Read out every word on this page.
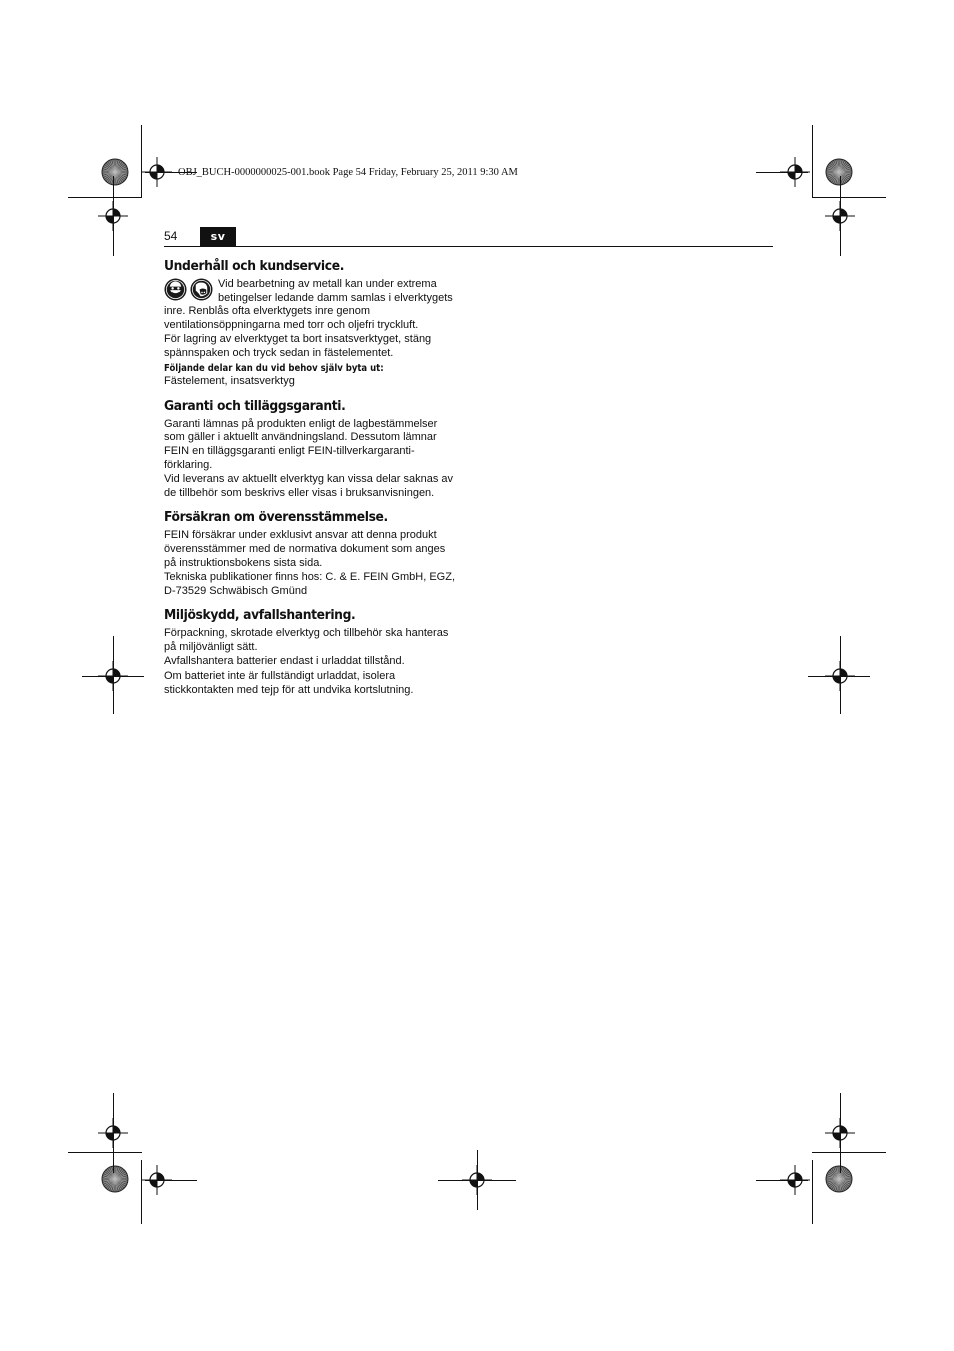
OBJ_BUCH-0000000025-001.book Page 54 Friday, February 25, 2011 9:30 AM
54	sv
Underhåll och kundservice.

Vid bearbetning av metall kan under extrema betingelser ledande damm samlas i elverktygets inre. Renblås ofta elverktygets inre genom ventilationsöppningarna med torr och oljefri tryckluft.

För lagring av elverktyget ta bort insatsverktyget, stäng spännspaken och tryck sedan in fästelementet.

Följande delar kan du vid behov själv byta ut:

Fästelement, insatsverktyg

Garanti och tilläggsgaranti.

Garanti lämnas på produkten enligt de lagbestämmelser som gäller i aktuellt användningsland. Dessutom lämnar FEIN en tilläggsgaranti enligt FEIN-tillverkargaranti-förklaring.

Vid leverans av aktuellt elverktyg kan vissa delar saknas av de tillbehör som beskrivs eller visas i bruksanvisningen.

Försäkran om överensstämmelse.

FEIN försäkrar under exklusivt ansvar att denna produkt överensstämmer med de normativa dokument som anges på instruktionsbokens sista sida.

Tekniska publikationer finns hos: C. & E. FEIN GmbH, EGZ, D-73529 Schwäbisch Gmünd

Miljöskydd, avfallshantering.

Förpackning, skrotade elverktyg och tillbehör ska hanteras på miljövänligt sätt.

Avfallshantera batterier endast i urladdat tillstånd.

Om batteriet inte är fullständigt urladdat, isolera stickkontakten med tejp för att undvika kortslutning.
